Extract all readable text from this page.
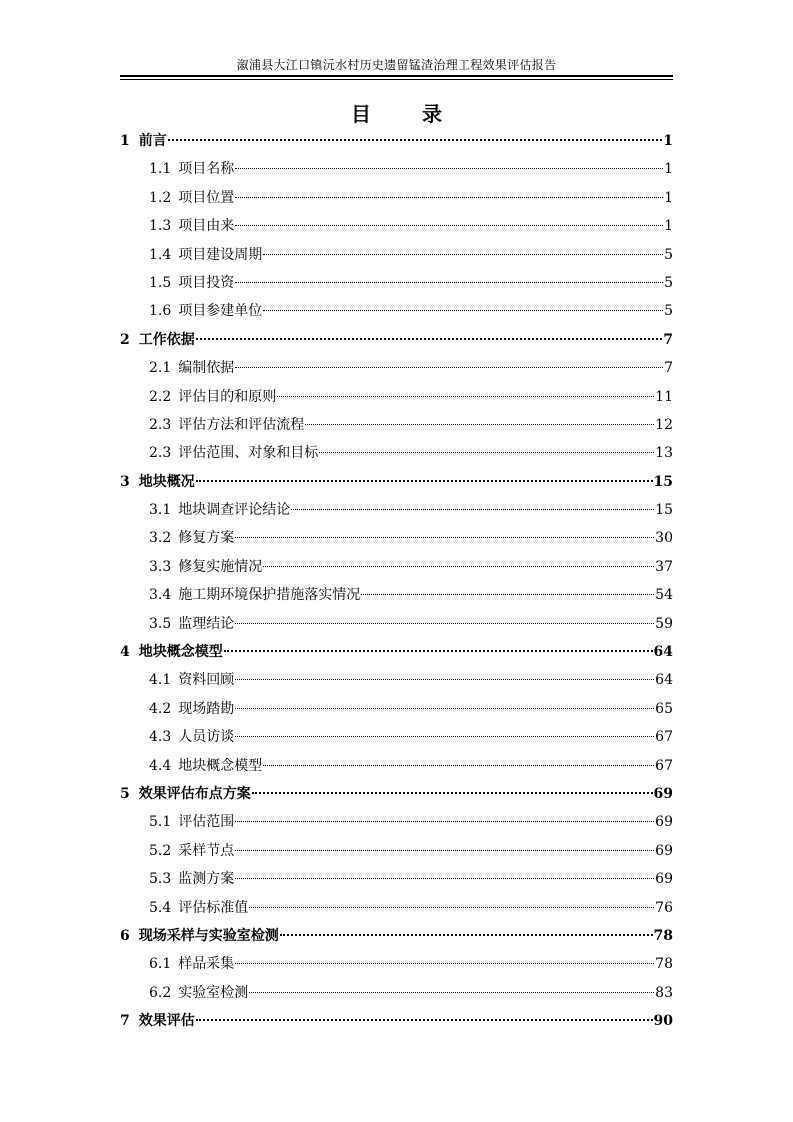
溆浦县大江口镇沅水村历史遗留锰渣治理工程效果评估报告
目 录
1 前言	1
1.1 项目名称	1
1.2 项目位置	1
1.3 项目由来	1
1.4 项目建设周期	5
1.5 项目投资	5
1.6 项目参建单位	5
2 工作依据	7
2.1 编制依据	7
2.2 评估目的和原则	11
2.3 评估方法和评估流程	12
2.3 评估范围、对象和目标	13
3 地块概况	15
3.1 地块调查评论结论	15
3.2 修复方案	30
3.3 修复实施情况	37
3.4 施工期环境保护措施落实情况	54
3.5 监理结论	59
4 地块概念模型	64
4.1 资料回顾	64
4.2 现场踏勘	65
4.3 人员访谈	67
4.4 地块概念模型	67
5 效果评估布点方案	69
5.1 评估范围	69
5.2 采样节点	69
5.3 监测方案	69
5.4 评估标准值	76
6 现场采样与实验室检测	78
6.1 样品采集	78
6.2 实验室检测	83
7 效果评估	90
